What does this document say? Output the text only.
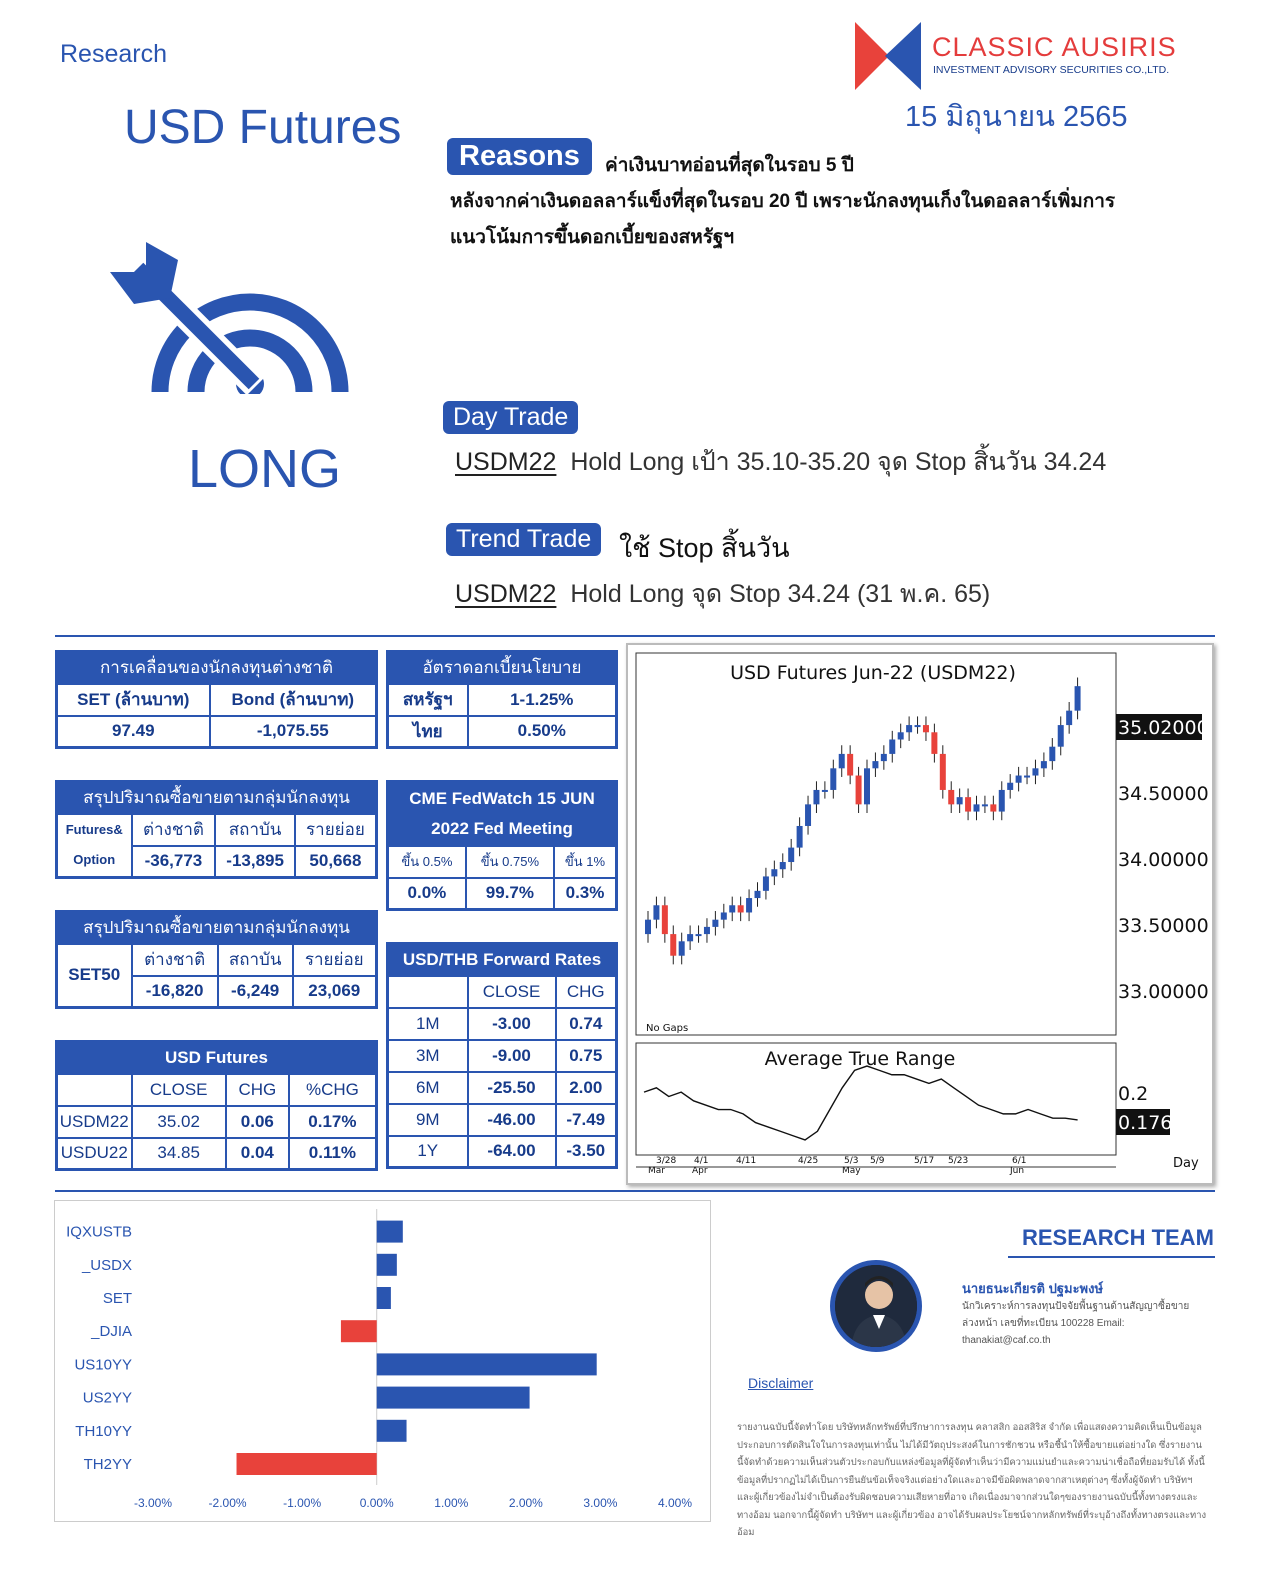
Research
USD Futures
CLASSIC AUSIRIS
INVESTMENT ADVISORY SECURITIES CO.,LTD.
15 มิถุนายน 2565
LONG
Reasons	ค่าเงินบาทอ่อนที่สุดในรอบ 5 ปี
หลังจากค่าเงินดอลลาร์แข็งที่สุดในรอบ 20 ปี เพราะนักลงทุนเก็งในดอลลาร์เพิ่มการ
แนวโน้มการขึ้นดอกเบี้ยของสหรัฐฯ
Day Trade
USDM22 Hold Long เป้า 35.10-35.20 จุด Stop สิ้นวัน 34.24
Trend Trade	ใช้ Stop สิ้นวัน
USDM22 Hold Long จุด Stop 34.24 (31 พ.ค. 65)
การเคลื่อนของนักลงทุนต่างชาติ	
SET (ล้านบาท)	Bond (ล้านบาท)
97.49	-1,075.55
อัตราดอกเบี้ยนโยบาย	
สหรัฐฯ	1-1.25%
ไทย	0.50%
สรุปปริมาณซื้อขายตามกลุ่มนักลงทุน			
Futures&
Option	ต่างชาติ	สถาบัน	รายย่อย
	-36,773	-13,895	50,668
CME FedWatch 15 JUN
2022 Fed Meeting		
ขึ้น 0.5%	ขึ้น 0.75%	ขึ้น 1%
0.0%	99.7%	0.3%
สรุปปริมาณซื้อขายตามกลุ่มนักลงทุน			
SET50	ต่างชาติ	สถาบัน	รายย่อย
	-16,820	-6,249	23,069
USD/THB Forward Rates		
	CLOSE	CHG
1M	-3.00	0.74
3M	-9.00	0.75
6M	-25.50	2.00
9M	-46.00	-7.49
1Y	-64.00	-3.50
USD Futures			
	CLOSE	CHG	%CHG
USDM22	35.02	0.06	0.17%
USDU22	34.85	0.04	0.11%
USD Futures Jun-22 (USDM22)
35.02000
34.50000
34.00000
33.50000
33.00000
No Gaps
Average True Range
0.2
0.176
3/28 4/1	4/11	4/25	5/3 5/9	5/17 5/23	6/1
Mar	Apr	May	Jun	Day
IQXUSTB
_USDX
SET
_DJIA
US10YY
US2YY
TH10YY
TH2YY
-3.00%	-2.00%	-1.00%	0.00%	1.00%	2.00%	3.00%	4.00%
RESEARCH TEAM
นายธนะเกียรติ ปฐมะพงษ์
นักวิเคราะห์การลงทุนปัจจัยพื้นฐานด้านสัญญาซื้อขายล่วงหน้า เลขที่ทะเบียน 100228 Email:
thanakiat@caf.co.th
Disclaimer
รายงานฉบับนี้จัดทำโดย บริษัทหลักทรัพย์ที่ปรึกษาการลงทุน คลาสสิก ออสสิริส จำกัด เพื่อแสดงความคิดเห็นเป็นข้อมูลประกอบการตัดสินใจในการลงทุนเท่านั้น ไม่ได้มีวัตถุประสงค์ในการชักชวน หรือชี้นำให้ซื้อขายแต่อย่างใด ซึ่งรายงานนี้จัดทำด้วยความเห็นส่วนตัวประกอบกับแหล่งข้อมูลที่ผู้จัดทำเห็นว่ามีความแม่นยำและความน่าเชื่อถือที่ยอมรับได้ ทั้งนี้ข้อมูลที่ปรากฏไม่ได้เป็นการยืนยันข้อเท็จจริงแต่อย่างใดและอาจมีข้อผิดพลาดจากสาเหตุต่างๆ ซึ่งทั้งผู้จัดทำ บริษัทฯ และผู้เกี่ยวข้องไม่จำเป็นต้องรับผิดชอบความเสียหายที่อาจ เกิดเนื่องมาจากส่วนใดๆของรายงานฉบับนี้ทั้งทางตรงและทางอ้อม นอกจากนี้ผู้จัดทำ บริษัทฯ และผู้เกี่ยวข้อง อาจได้รับผลประโยชน์จากหลักทรัพย์ที่ระบุอ้างถึงทั้งทางตรงและทางอ้อม
